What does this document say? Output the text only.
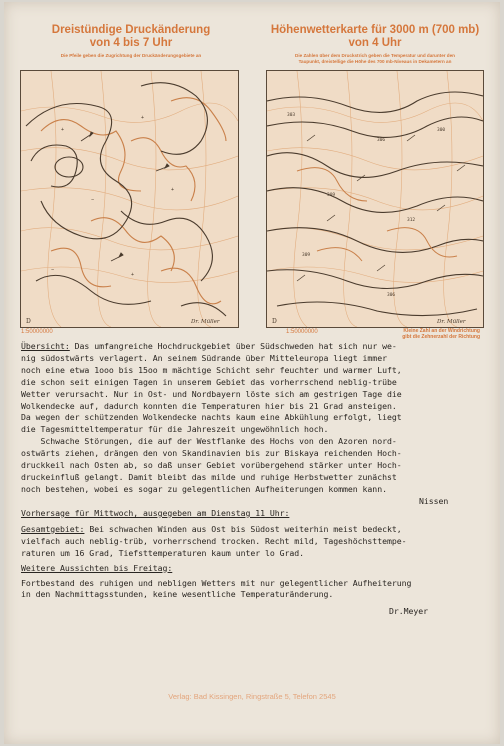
Dreistündige Druckänderung
von 4 bis 7 Uhr
Die Pfeile geben die Zugrichtung der Druckänderungsgebiete an
Höhenwetterkarte für 3000 m (700 mb)
von 4 Uhr
Die Zahlen über dem Druckstrich geben die Temperatur und darunter den
Taupunkt, dreistellige die Höhe des 700 mb-Niveaus in Dekametern an
+
+
−
+
−
+
D	Dr. Müller
303
306
300
309
312
309
306
D	Dr. Müller
1:50000000	1:50000000	Kleine Zahl an der Windrichtung
gibt die Zehnerzahl der Richtung

Übersicht: Das umfangreiche Hochdruckgebiet über Südschweden hat sich nur we-

nig südostwärts verlagert. An seinem Südrande über Mitteleuropa liegt immer

noch eine etwa 1ooo bis 15oo m mächtige Schicht sehr feuchter und warmer Luft,

die schon seit einigen Tagen in unserem Gebiet das vorherrschend neblig-trübe

Wetter verursacht. Nur in Ost- und Nordbayern löste sich am gestrigen Tage die

Wolkendecke auf, dadurch konnten die Temperaturen hier bis 21 Grad ansteigen.

Da wegen der schützenden Wolkendecke nachts kaum eine Abkühlung erfolgt, liegt

die Tagesmitteltemperatur für die Jahreszeit ungewöhnlich hoch.

Schwache Störungen, die auf der Westflanke des Hochs von den Azoren nord-

ostwärts ziehen, drängen den von Skandinavien bis zur Biskaya reichenden Hoch-

druckkeil nach Osten ab, so daß unser Gebiet vorübergehend stärker unter Hoch-

druckeinfluß gelangt. Damit bleibt das milde und ruhige Herbstwetter zunächst

noch bestehen, wobei es sogar zu gelegentlichen Aufheiterungen kommen kann.

Nissen

Vorhersage für Mittwoch, ausgegeben am Dienstag 11 Uhr:

Gesamtgebiet: Bei schwachen Winden aus Ost bis Südost weiterhin meist bedeckt,

vielfach auch neblig-trüb, vorherrschend trocken. Recht mild, Tageshöchsttempe-

raturen um 16 Grad, Tiefsttemperaturen kaum unter lo Grad.

Weitere Aussichten bis Freitag:

Fortbestand des ruhigen und nebligen Wetters mit nur gelegentlicher Aufheiterung

in den Nachmittagsstunden, keine wesentliche Temperaturänderung.

Dr.Meyer

Verlag: Bad Kissingen, Ringstraße 5, Telefon 2545
